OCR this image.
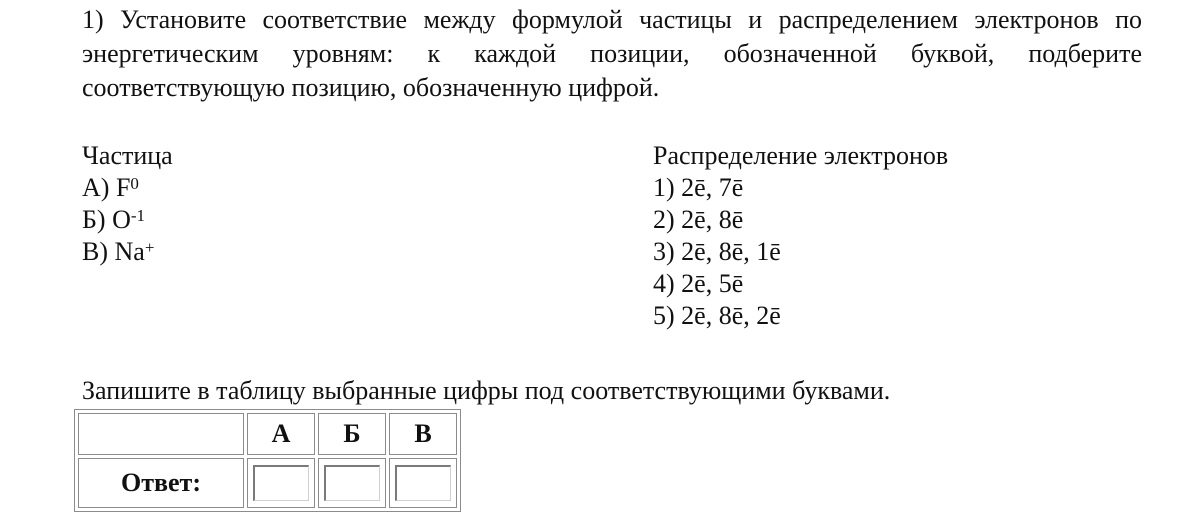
1) Установите соответствие между формулой частицы и распределением электронов по энергетическим уровням: к каждой позиции, обозначенной буквой, подберите соответствующую позицию, обозначенную цифрой.
Частица
А) $F^0$
Б) $O^{-1}$
В) Na+
Распределение электронов
1) 2ē, 7ē
2) 2ē, 8ē
3) 2ē, 8ē, 1ē
4) 2ē, 5ē
5) 2ē, 8ē, 2ē
Запишите в таблицу выбранные цифры под соответствующими буквами.
	А	Б	В
Ответ:	
